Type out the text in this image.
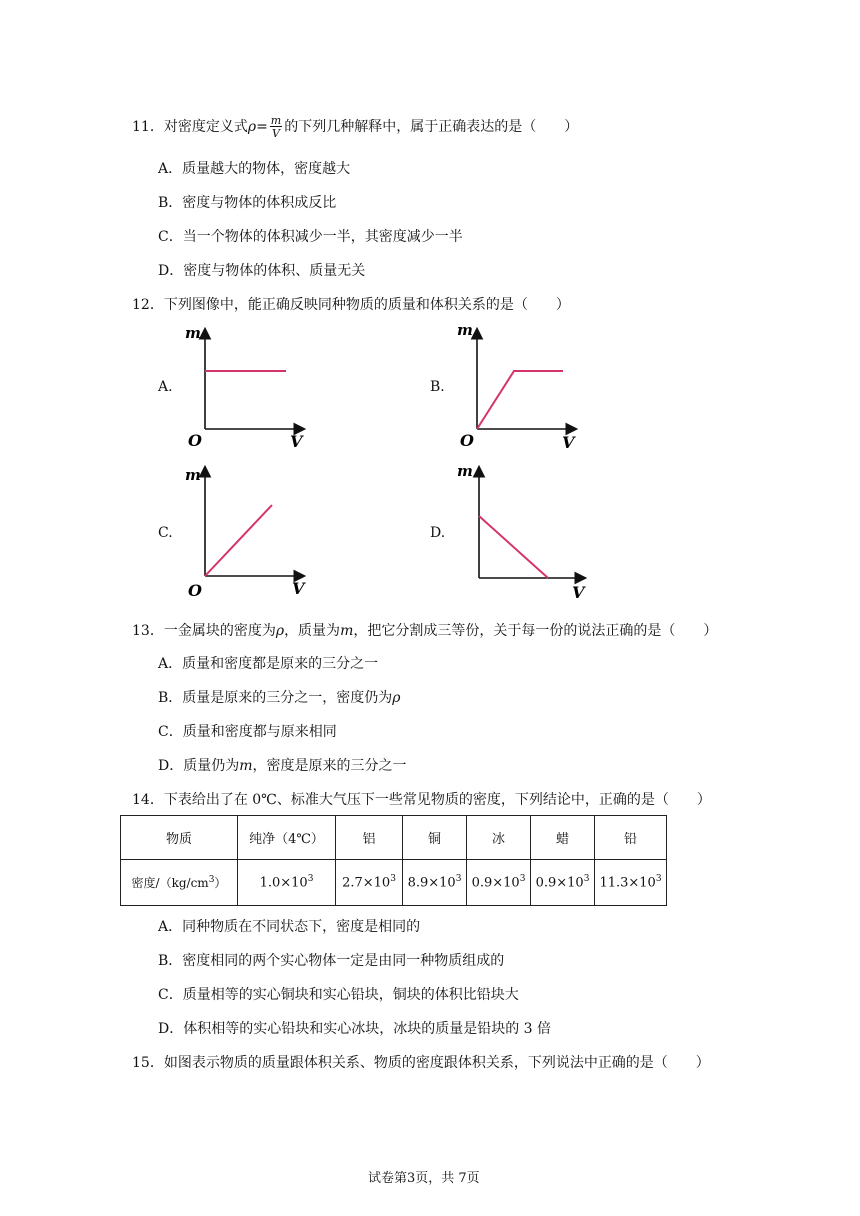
11．对密度定义式$\rho= \frac{m}{V}$ 的下列几种解释中，属于正确表达的是（　　）
A．质量越大的物体，密度越大
B．密度与物体的体积成反比
C．当一个物体的体积减少一半，其密度减少一半
D．密度与物体的体积、质量无关
12．下列图像中，能正确反映同种物质的质量和体积关系的是（　　）
A.
m
O	V
B.
m
O	V
C.
m
O	V
D.
m
V
13．一金属块的密度为ρ，质量为m，把它分割成三等份，关于每一份的说法正确的是（　　）
A．质量和密度都是原来的三分之一
B．质量是原来的三分之一，密度仍为ρ
C．质量和密度都与原来相同
D．质量仍为m，密度是原来的三分之一
14．下表给出了在 0℃、标准大气压下一些常见物质的密度，下列结论中，正确的是（　　）
物质	纯净（4℃）	铝	铜	冰	蜡	铅
密度$/(kg/cm^3)$	$1.0\times 10^3$	$2.7\times 10^3$	$8.9\times 10^3$	$0.9\times 10^3$	$0.9\times 10^3$	$11.3\times 10^3$
A．同种物质在不同状态下，密度是相同的
B．密度相同的两个实心物体一定是由同一种物质组成的
C．质量相等的实心铜块和实心铅块，铜块的体积比铅块大
D．体积相等的实心铅块和实心冰块，冰块的质量是铅块的 3 倍
15．如图表示物质的质量跟体积关系、物质的密度跟体积关系，下列说法中正确的是（　　）
试卷第3页，共 7页
